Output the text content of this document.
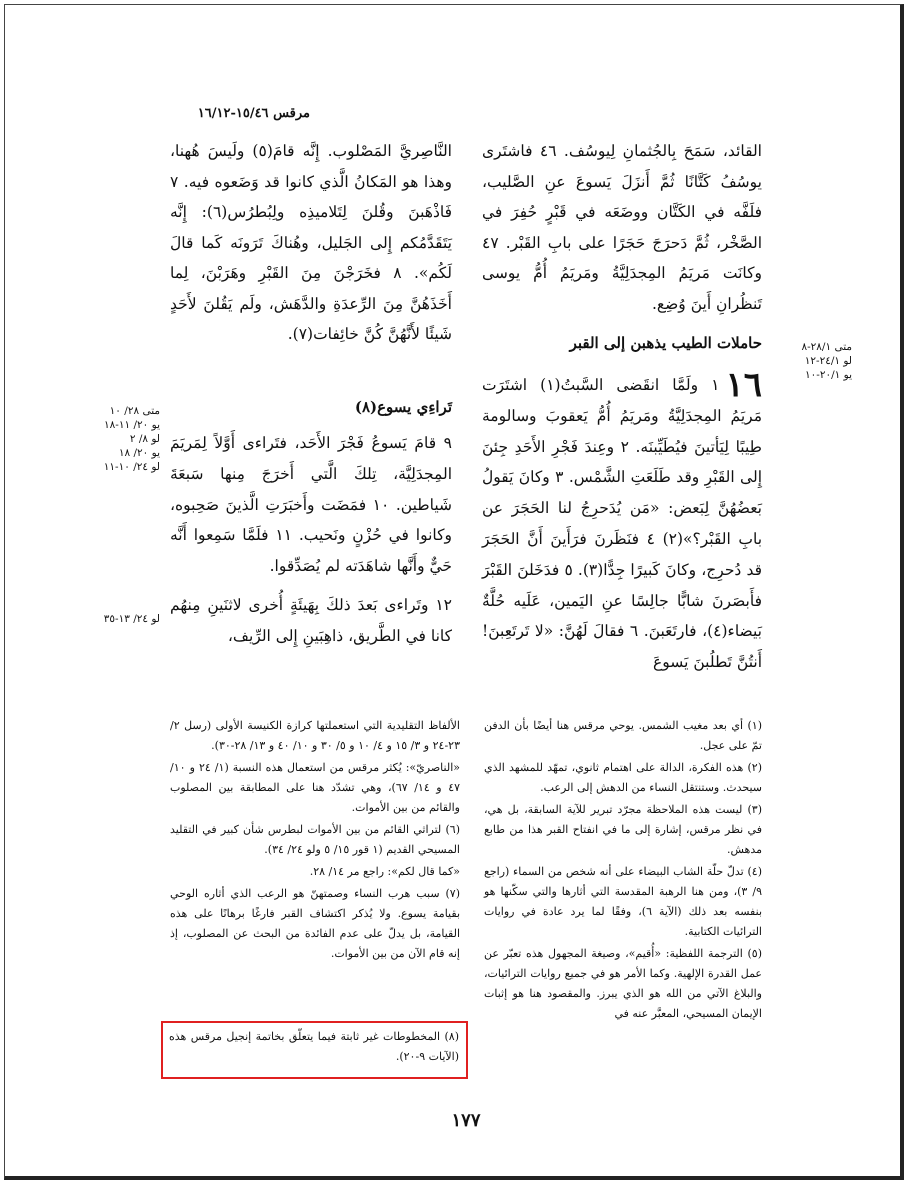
مرقس ١٥/٤٦-١٦/١٢

القائد، سَمَحَ بِالجُثمانِ لِيوسُف. ٤٦ فاشتَرى يوسُفُ كَتَّانًا ثُمَّ أَنزَلَ يَسوعَ عنِ الصَّليب، فلَفَّه في الكَتَّان ووضَعَه في قَبْرٍ حُفِرَ في الصَّخْر، ثُمَّ دَحرَجَ حَجَرًا على بابِ القَبْر. ٤٧ وكانَت مَريَمُ المِجدَلِيَّةُ ومَريَمُ أُمُّ يوسى تَنظُرانِ أَينَ وُضِع.

النَّاصِريَّ المَصْلوب. إِنَّه قامَ(٥) ولَيسَ هُهنا، وهذا هو المَكانُ الَّذي كانوا قد وَضَعوه فيه. ٧ فَاذْهَبنَ وقُلنَ لِتَلاميذِه ولِبُطرُس(٦): إِنَّه يَتَقَدَّمُكم إِلى الجَليل، وهُناكَ تَرَونَه كَما قالَ لَكُم». ٨ فخَرَجْنَ مِنَ القَبْرِ وهَرَبْنَ، لِما أَخَذَهُنَّ مِنَ الرِّعدَةِ والدَّهَش، ولَم يَقُلنَ لأَحَدٍ شَيئًا لأَنَّهُنَّ كُنَّ خائِفات(٧).

متى ٢٨/١-٨
لو ٢٤/١-١٢
يو ٢٠/١-١٠
حاملات الطيب يذهبن إلى القبر
١٦

١ ولَمَّا انقَضى السَّبتُ(١) اشتَرَت مَريَمُ المِجدَلِيَّةُ ومَريَمُ أُمُّ يَعقوبَ وسالومة طِيبًا لِيَأتينَ فيُطَيِّبنَه. ٢ وعِندَ فَجْرِ الأَحَدِ جِئنَ إِلى القَبْرِ وقد طَلَعَتِ الشَّمْس. ٣ وكانَ يَقولُ بَعضُهُنَّ لِبَعض: «مَن يُدَحرِجُ لنا الحَجَرَ عن بابِ القَبْر؟»(٢) ٤ فنَظَرنَ فرَأَينَ أَنَّ الحَجَرَ قد دُحرِج، وكانَ كَبيرًا جِدًّا(٣). ٥ فدَخَلنَ القَبْرَ فأَبصَرنَ شابًّا جالِسًا عنِ اليَمين، عَلَيه حُلَّةٌ بَيضاء(٤)، فارتَعَبنَ. ٦ فقالَ لَهُنَّ: «لا تَرتَعِبنَ! أَنتُنَّ تَطلُبنَ يَسوعَ

تَراءِي يسوع(٨)
متى ٢٨/ ١٠
يو ٢٠/ ١١-١٨
لو ٨/ ٢
يو ٢٠/ ١٨
لو ٢٤/ ١٠-١١
لو ٢٤/ ١٣-٣٥

٩ قامَ يَسوعُ فَجْرَ الأَحَد، فتَراءى أَوَّلاً لِمَريَمَ المِجدَلِيَّة، تِلكَ الَّتي أَخرَجَ مِنها سَبعَةَ شَياطين. ١٠ فمَضَت وأَخبَرَتِ الَّذينَ صَحِبوه، وكانوا في حُزْنٍ ونَحيب. ١١ فلَمَّا سَمِعوا أَنَّه حَيٌّ وأَنَّها شاهَدَته لم يُصَدِّقوا.

١٢ وتَراءى بَعدَ ذلكَ بِهَيئَةٍ أُخرى لاثنَينِ مِنهُم كانا في الطَّريق، ذاهِبَينِ إِلى الرِّيف،

(١) أي بعد مغيب الشمس. يوحي مرقس هنا أيضًا بأن الدفن تمّ على عجل.

(٢) هذه الفكرة، الدالة على اهتمام ثانوي، تمهّد للمشهد الذي سيحدث. وستنتقل النساء من الدهش إلى الرعب.

(٣) ليست هذه الملاحظة مجرّد تبرير للآية السابقة، بل هي، في نظر مرقس، إشارة إلى ما في انفتاح القبر هذا من طابع مدهش.

(٤) تدلّ حلّة الشاب البيضاء على أنه شخص من السماء (راجع ٩/ ٣)، ومن هنا الرهبة المقدسة التي أثارها والتي سكّنها هو بنفسه بعد ذلك (الآية ٦)، وفقًا لما يرد عادة في روايات الترائيات الكتابية.

(٥) الترجمة اللفظية: «أُقيم»، وصيغة المجهول هذه تعبّر عن عمل القدرة الإلهية. وكما الأمر هو في جميع روايات الترائيات، والبلاغ الآتي من الله هو الذي يبرز. والمقصود هنا هو إثبات الإيمان المسيحي، المعبَّر عنه في

الألفاظ التقليدية التي استعملتها كرازة الكنيسة الأولى (رسل ٢/ ٢٣-٢٤ و ٣/ ١٥ و ٤/ ١٠ و ٥/ ٣٠ و ١٠/ ٤٠ و ١٣/ ٢٨-٣٠).

«الناصريّ»: يُكثر مرقس من استعمال هذه النسبة (١/ ٢٤ و ١٠/ ٤٧ و ١٤/ ٦٧)، وهي تشدّد هنا على المطابقة بين المصلوب والقائم من بين الأموات.

(٦) لتراثي القائم من بين الأموات لبطرس شأن كبير في التقليد المسيحي القديم (١ قور ١٥/ ٥ ولو ٢٤/ ٣٤).

«كما قال لكم»: راجع مر ١٤/ ٢٨.

(٧) سبب هرب النساء وصمتهنّ هو الرعب الذي أثاره الوحي بقيامة يسوع. ولا يُذكر اكتشاف القبر فارغًا برهانًا على هذه القيامة، بل يدلّ على عدم الفائدة من البحث عن المصلوب، إذ إنه قام الآن من بين الأموات.

(٨) المخطوطات غير ثابتة فيما يتعلّق بخاتمة إنجيل مرقس هذه (الآيات ٩-٢٠).
١٧٧
